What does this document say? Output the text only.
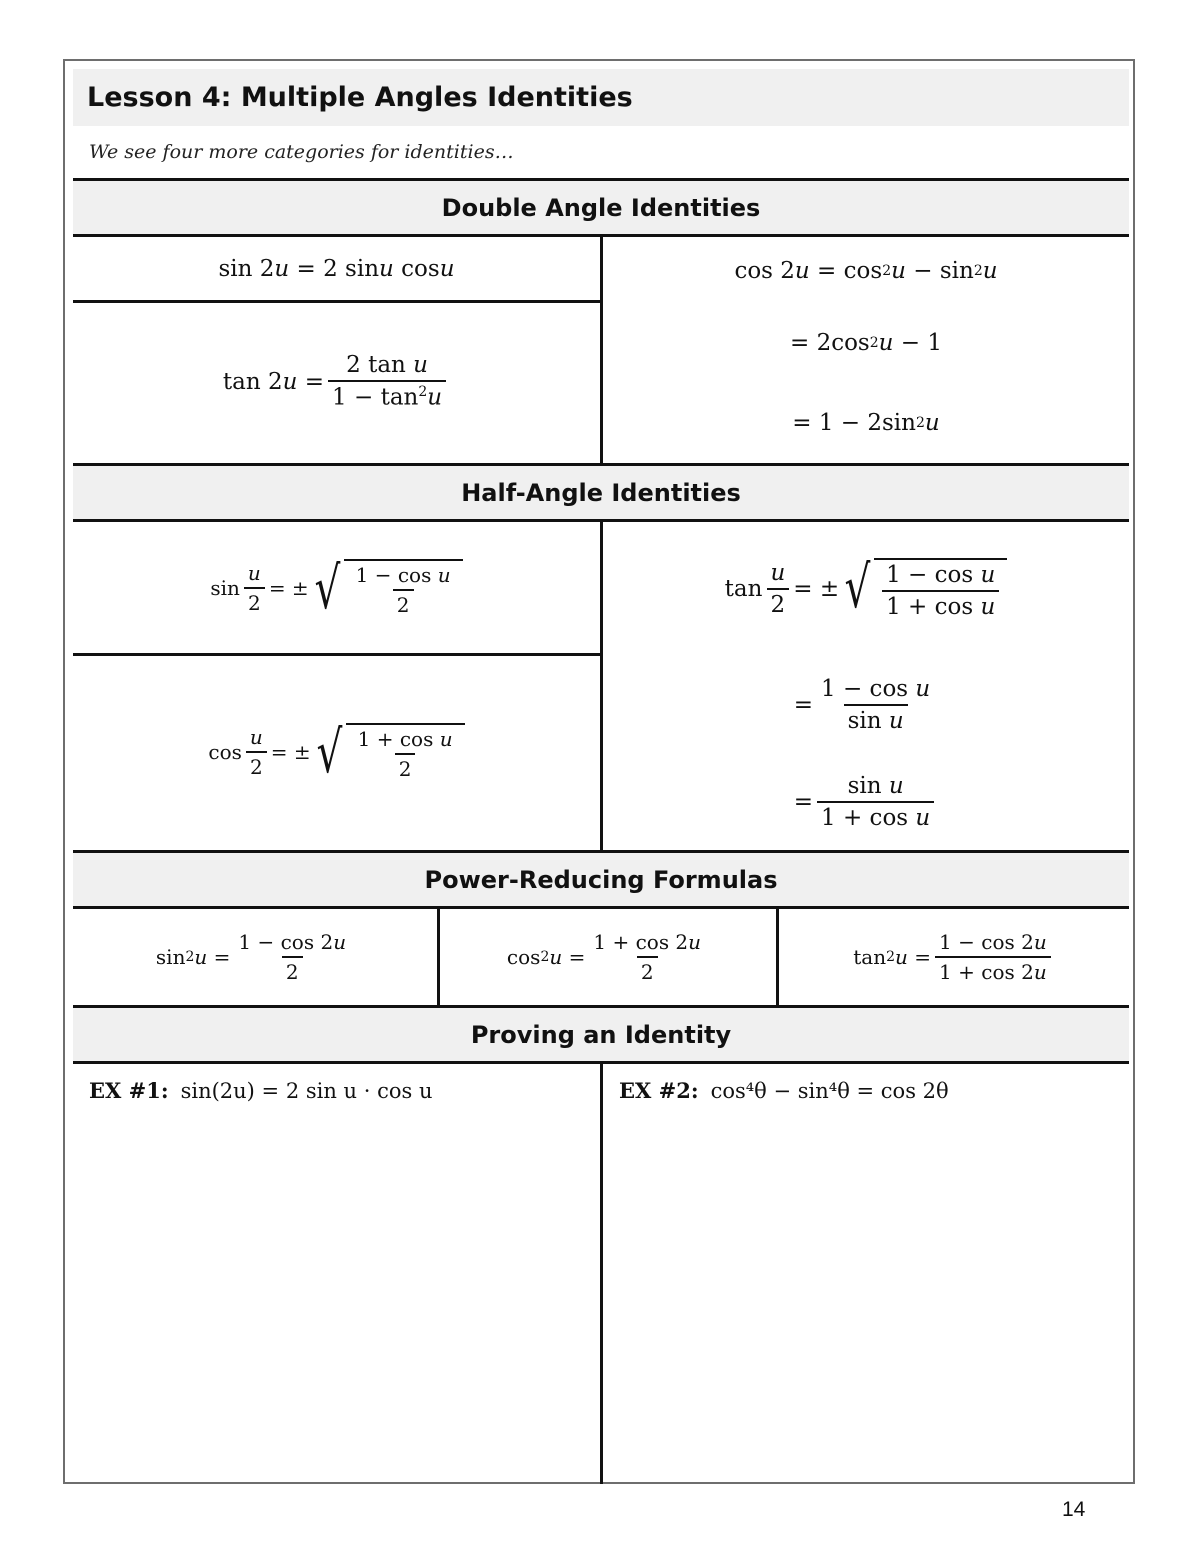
Lesson 4: Multiple Angles Identities
We see four more categories for identities…
Double Angle Identities
sin 2 u = 2 sin u cos u
tan 2 $u = \frac{\text{2 tan u}}{1 - \tan^2u}$
cos 2 u = cos 2 u − sin 2 u
= 2cos 2 u − 1
= 1 − 2sin 2 u
Half-Angle Identities
$\sin \frac{u}{2}$ = ± √ $\frac{\text{1 − cos u}}{2}$
$\cos \frac{u}{2}$ = ± √ $\frac{\text{1 + cos u}}{2}$
$\tan \frac{u}{2}$ = ± √ $\frac{\text{1 − cos u}}{\text{1 + cos u}}$
= $\frac{\text{1 − cos u}}{\text{sin u}}$
= $\frac{\text{sin u}}{\text{1 + cos u}}$
Power-Reducing Formulas
sin 2 $u = \frac{1 - \cos 2u}{2}$	cos 2 $u = \frac{1 + \cos 2u}{2}$	tan 2 $u = \frac{1 - \cos 2u}{1 + \cos 2u}$
Proving an Identity
EX #1: sin(2u) = 2 sin u · cos u	EX #2: cos⁴θ − sin⁴θ = cos 2θ
14
